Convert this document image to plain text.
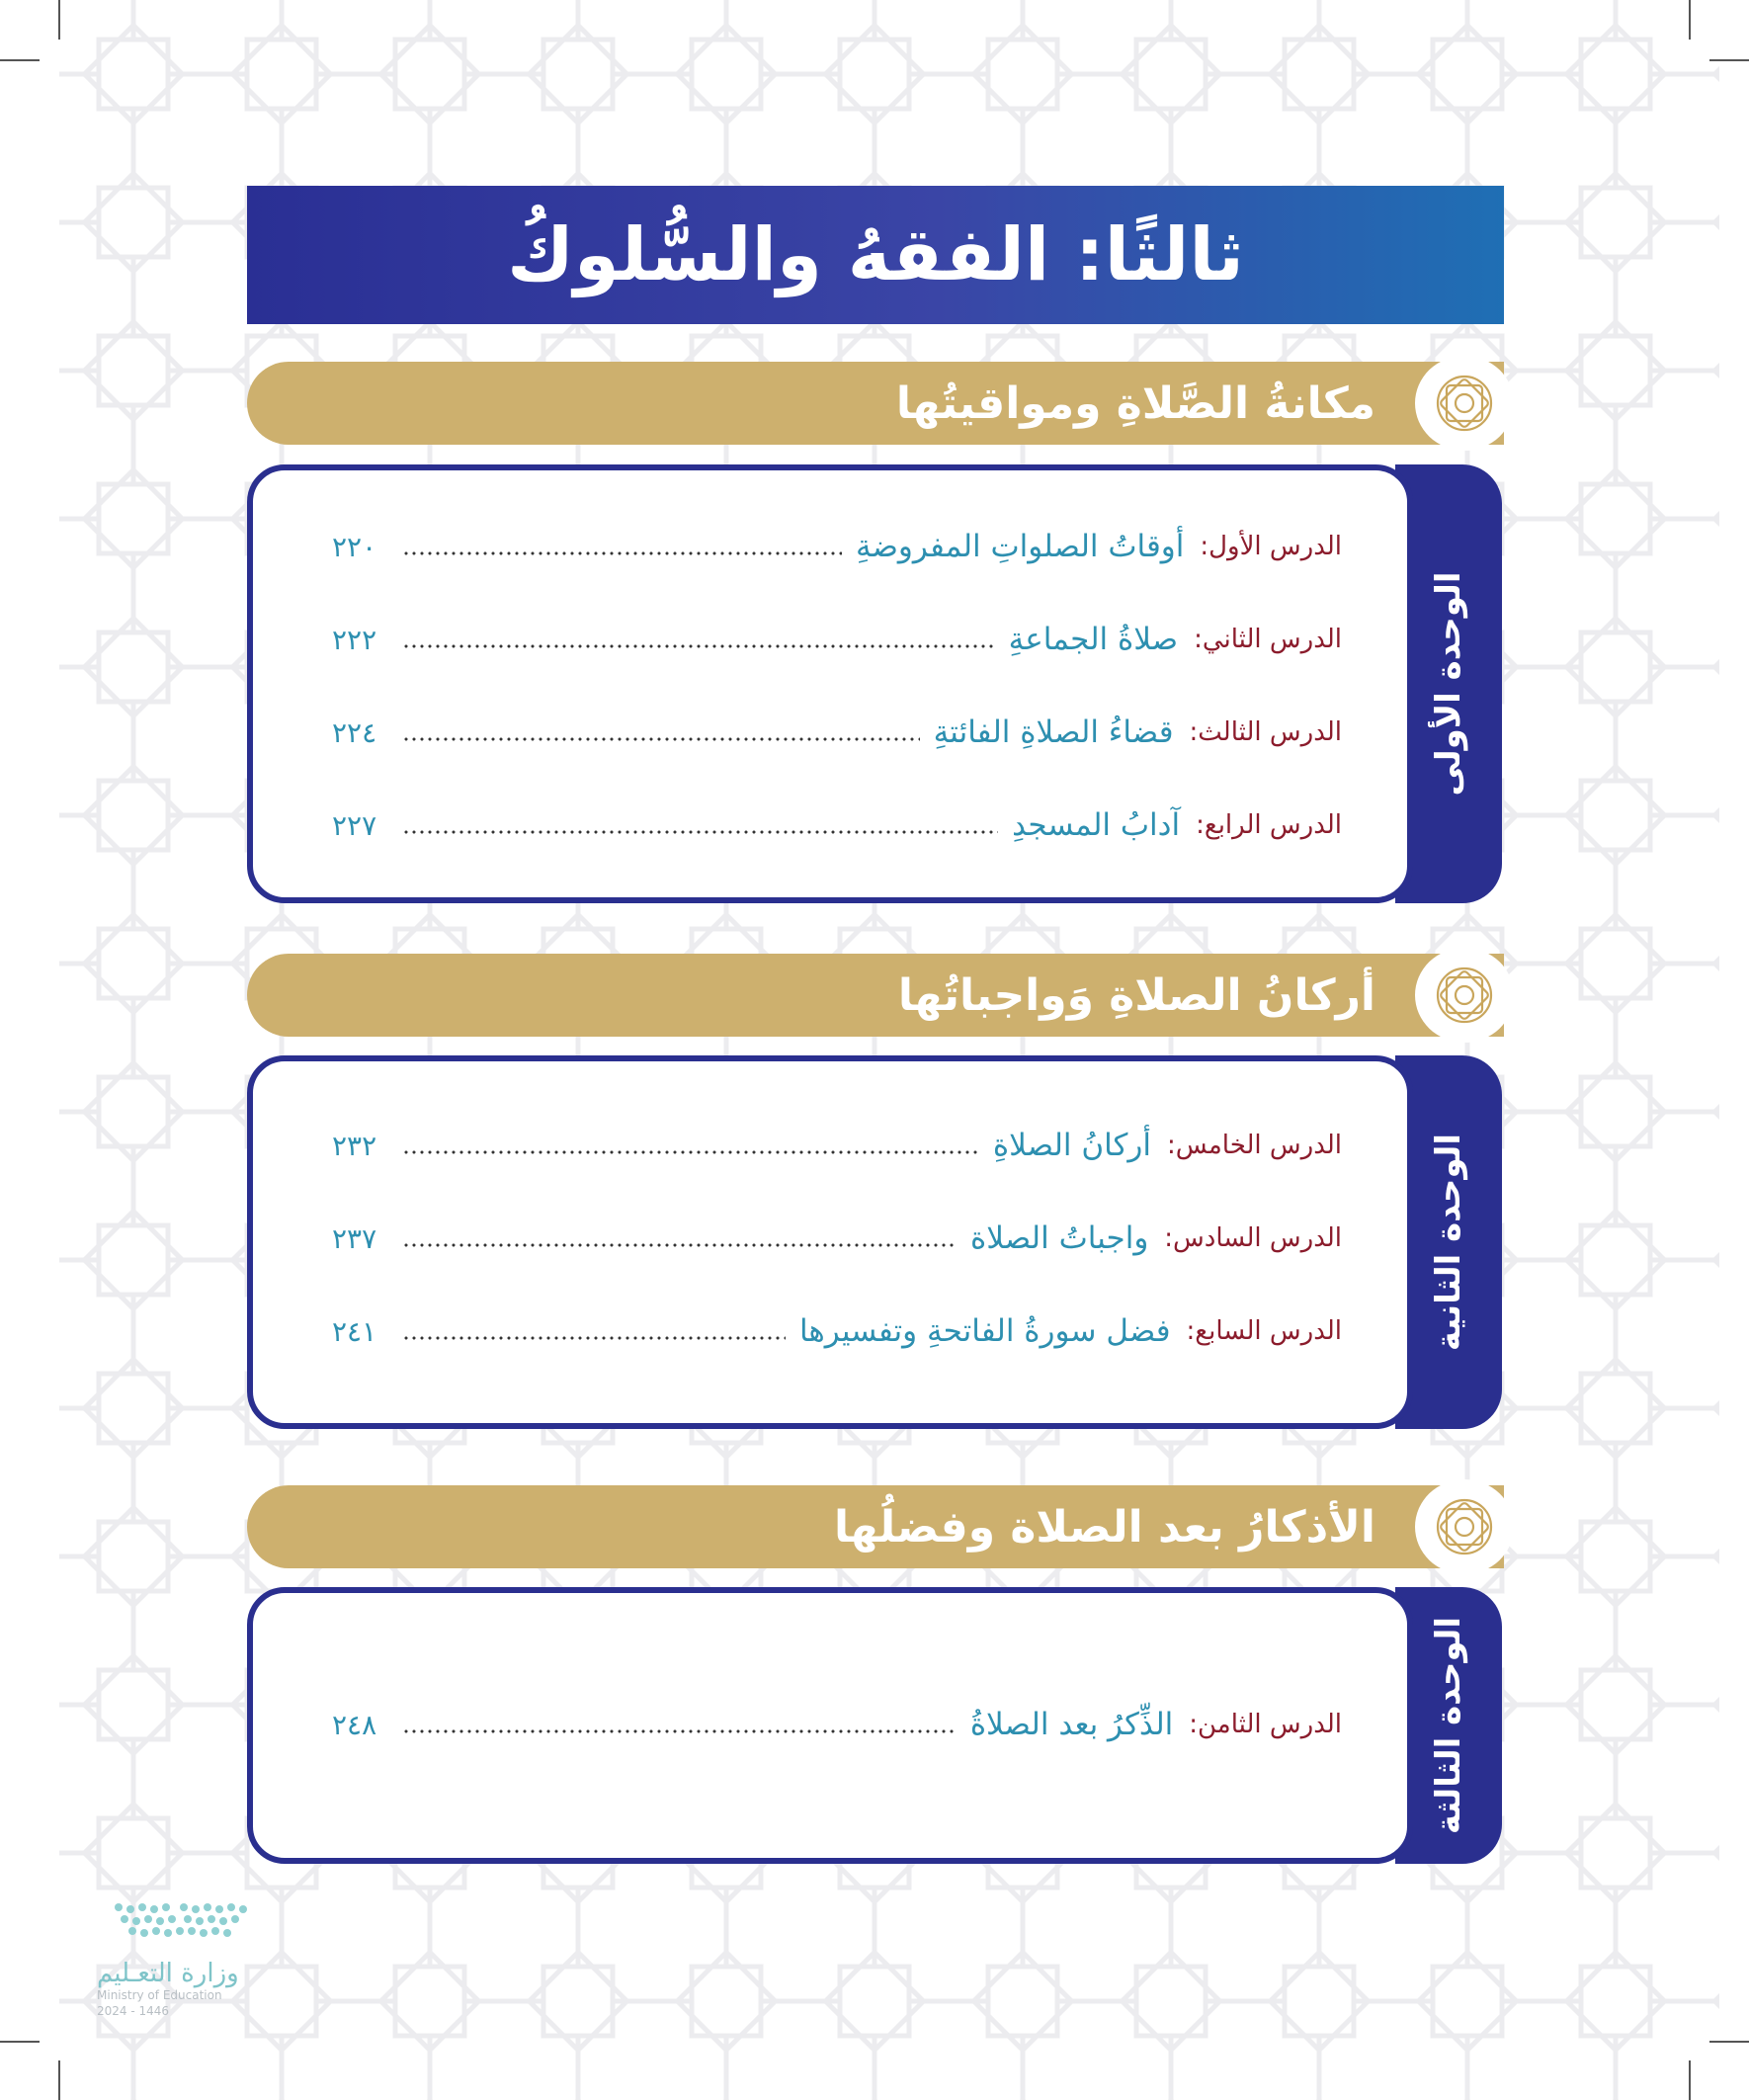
ثالثًا: الفقهُ والسُّلوكُ
مكانةُ الصَّلاةِ ومواقيتُها
الوحدة الأولى
الدرس الأول:
أوقاتُ الصلواتِ المفروضةِ
٢٢٠
الدرس الثاني:
صلاةُ الجماعةِ
٢٢٢
الدرس الثالث:
قضاءُ الصلاةِ الفائتةِ
٢٢٤
الدرس الرابع:
آدابُ المسجدِ
٢٢٧
أركانُ الصلاةِ وَواجباتُها
الوحدة الثانية
الدرس الخامس:
أركانُ الصلاةِ
٢٣٢
الدرس السادس:
واجباتُ الصلاة
٢٣٧
الدرس السابع:
فضل سورةُ الفاتحةِ وتفسيرها
٢٤١
الأذكارُ بعد الصلاة وفضلُها
الوحدة الثالثة
الدرس الثامن:
الذِّكرُ بعد الصلاةُ
٢٤٨
وزارة التعـليم
Ministry of Education
2024 - 1446
